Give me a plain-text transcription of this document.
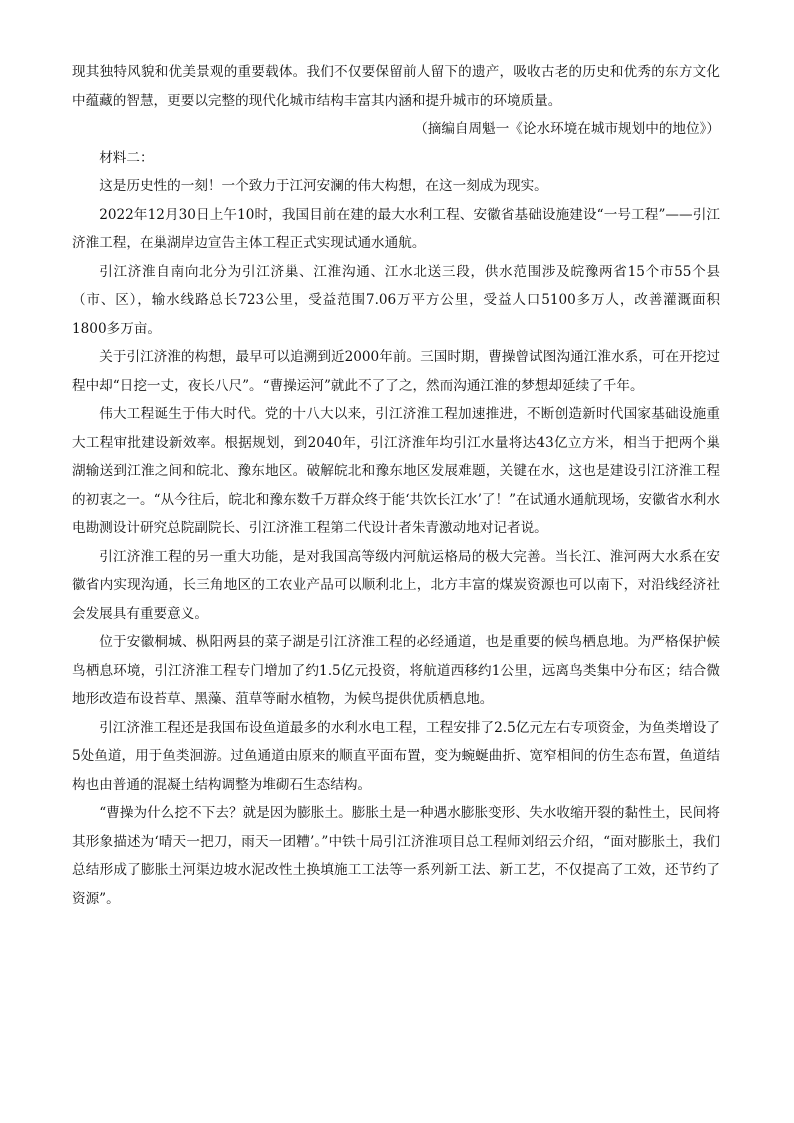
现其独特风貌和优美景观的重要载体。我们不仅要保留前人留下的遗产，吸收古老的历史和优秀的东方文化中蕴藏的智慧，更要以完整的现代化城市结构丰富其内涵和提升城市的环境质量。

（摘编自周魁一《论水环境在城市规划中的地位》）

材料二：

这是历史性的一刻！一个致力于江河安澜的伟大构想，在这一刻成为现实。

2022年12月30日上午10时，我国目前在建的最大水利工程、安徽省基础设施建设“一号工程”——引江济淮工程，在巢湖岸边宣告主体工程正式实现试通水通航。

引江济淮自南向北分为引江济巢、江淮沟通、江水北送三段，供水范围涉及皖豫两省15个市55个县（市、区），输水线路总长723公里，受益范围7.06万平方公里，受益人口5100多万人，改善灌溉面积1800多万亩。

关于引江济淮的构想，最早可以追溯到近2000年前。三国时期，曹操曾试图沟通江淮水系，可在开挖过程中却“日挖一丈，夜长八尺”。“曹操运河”就此不了了之，然而沟通江淮的梦想却延续了千年。

伟大工程诞生于伟大时代。党的十八大以来，引江济淮工程加速推进，不断创造新时代国家基础设施重大工程审批建设新效率。根据规划，到2040年，引江济淮年均引江水量将达43亿立方米，相当于把两个巢湖输送到江淮之间和皖北、豫东地区。破解皖北和豫东地区发展难题，关键在水，这也是建设引江济淮工程的初衷之一。“从今往后，皖北和豫东数千万群众终于能‘共饮长江水’了！”在试通水通航现场，安徽省水利水电勘测设计研究总院副院长、引江济淮工程第二代设计者朱青激动地对记者说。

引江济淮工程的另一重大功能，是对我国高等级内河航运格局的极大完善。当长江、淮河两大水系在安徽省内实现沟通，长三角地区的工农业产品可以顺利北上，北方丰富的煤炭资源也可以南下，对沿线经济社会发展具有重要意义。

位于安徽桐城、枞阳两县的菜子湖是引江济淮工程的必经通道，也是重要的候鸟栖息地。为严格保护候鸟栖息环境，引江济淮工程专门增加了约1.5亿元投资，将航道西移约1公里，远离鸟类集中分布区；结合微地形改造布设苔草、黑藻、菹草等耐水植物，为候鸟提供优质栖息地。

引江济淮工程还是我国布设鱼道最多的水利水电工程，工程安排了2.5亿元左右专项资金，为鱼类增设了5处鱼道，用于鱼类洄游。过鱼通道由原来的顺直平面布置，变为蜿蜒曲折、宽窄相间的仿生态布置，鱼道结构也由普通的混凝土结构调整为堆砌石生态结构。

“曹操为什么挖不下去？就是因为膨胀土。膨胀土是一种遇水膨胀变形、失水收缩开裂的黏性土，民间将其形象描述为‘晴天一把刀，雨天一团糟’。”中铁十局引江济淮项目总工程师刘绍云介绍，“面对膨胀土，我们总结形成了膨胀土河渠边坡水泥改性土换填施工工法等一系列新工法、新工艺，不仅提高了工效，还节约了资源”。
